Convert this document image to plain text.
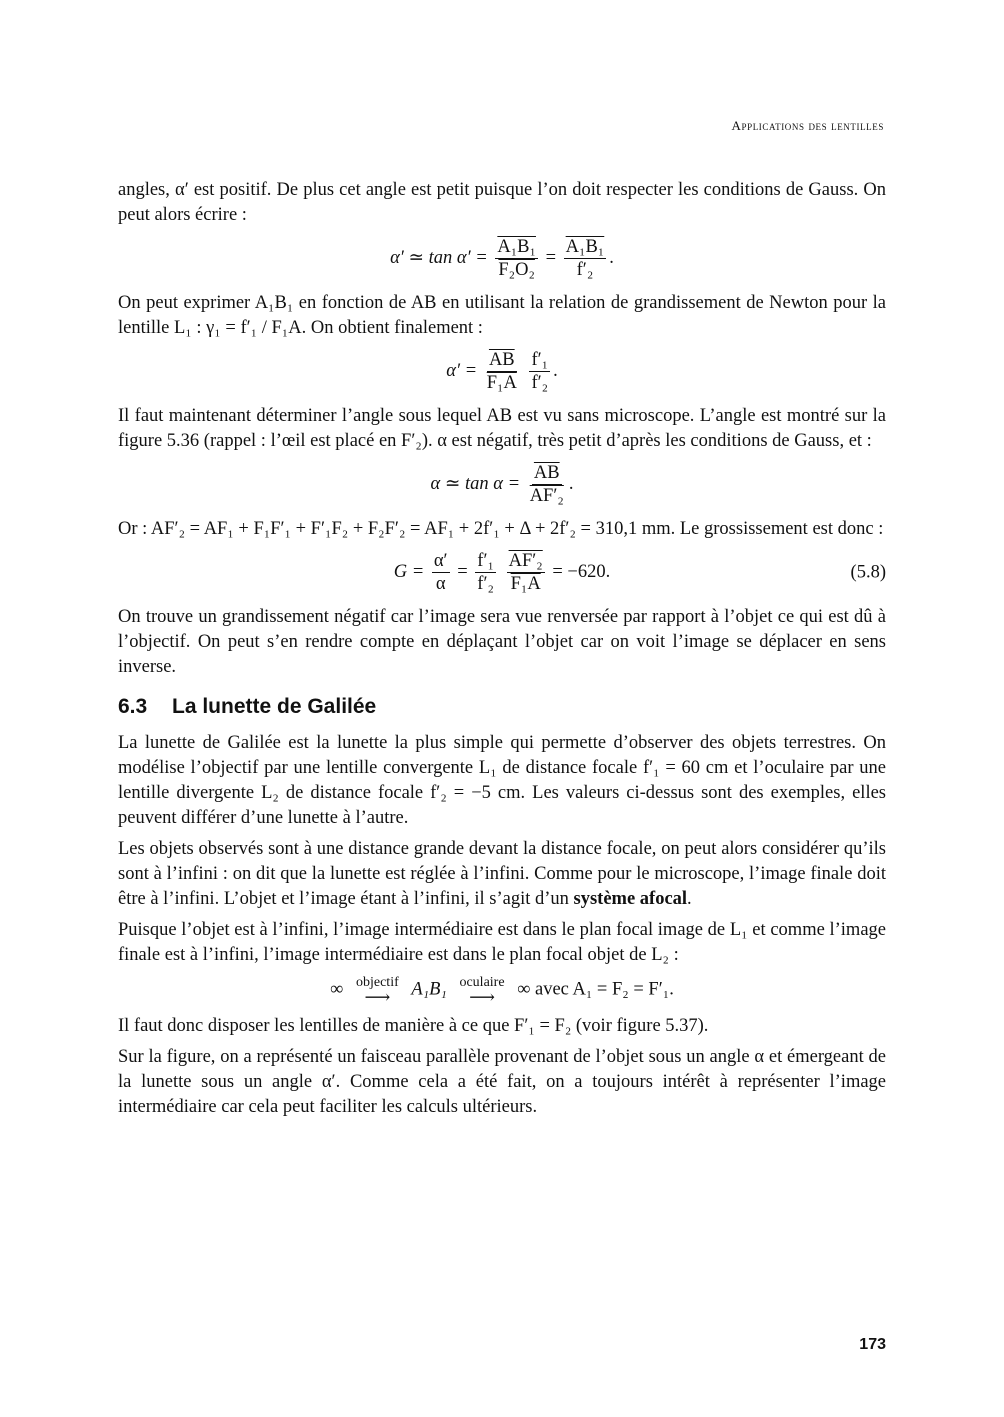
Applications des lentilles

angles, α′ est positif. De plus cet angle est petit puisque l’on doit respecter les conditions de Gauss. On peut alors écrire :

α′ ≃ $\tan \alpha' = \frac{\text{A₁B₁}}{\text{F₂O₂}} = \frac{\text{A₁B₁}}{\text{f′₂}}$ .

On peut exprimer A₁B₁ en fonction de AB en utilisant la relation de grandissement de Newton pour la lentille L₁ : γ₁ = f′₁ / F₁A. On obtient finalement :

$\alpha' = \frac{\overline{AB}}{\text{F₁A}}$
$\frac{\text{f′₁}}{\text{f′₂}}$ .

Il faut maintenant déterminer l’angle sous lequel AB est vu sans microscope. L’angle est montré sur la figure 5.36 (rappel : l’œil est placé en F′₂). α est négatif, très petit d’après les conditions de Gauss, et :

α ≃ $\tan \alpha = \frac{\overline{AB}}{\text{AF′₂}}$ .

Or : AF′₂ = AF₁ + F₁F′₁ + F′₁F₂ + F₂F′₂ = AF₁ + 2f′₁ + Δ + 2f′₂ = 310,1 mm. Le grossissement est donc :

$G = \frac{\alpha'}{\alpha} = \frac{\text{f′₁}}{\text{f′₂}}$
$\frac{\text{AF′₂}}{\text{F₁A}} = -620$.	(5.8)

On trouve un grandissement négatif car l’image sera vue renversée par rapport à l’objet ce qui est dû à l’objectif. On peut s’en rendre compte en déplaçant l’objet car on voit l’image se déplacer en sens inverse.

6.3 La lunette de Galilée

La lunette de Galilée est la lunette la plus simple qui permette d’observer des objets terrestres. On modélise l’objectif par une lentille convergente L₁ de distance focale f′₁ = 60 cm et l’oculaire par une lentille divergente L₂ de distance focale f′₂ = −5 cm. Les valeurs ci-dessus sont des exemples, elles peuvent différer d’une lunette à l’autre.

Les objets observés sont à une distance grande devant la distance focale, on peut alors considérer qu’ils sont à l’infini : on dit que la lunette est réglée à l’infini. Comme pour le microscope, l’image finale doit être à l’infini. L’objet et l’image étant à l’infini, il s’agit d’un système afocal.

Puisque l’objet est à l’infini, l’image intermédiaire est dans le plan focal image de L₁ et comme l’image finale est à l’infini, l’image intermédiaire est dans le plan focal objet de L₂ :

∞ objectif
⟶ A₁B₁ oculaire
⟶ ∞ avec A₁ = F₂ = F′₁.

Il faut donc disposer les lentilles de manière à ce que F′₁ = F₂ (voir figure 5.37).

Sur la figure, on a représenté un faisceau parallèle provenant de l’objet sous un angle α et émergeant de la lunette sous un angle α′. Comme cela a été fait, on a toujours intérêt à représenter l’image intermédiaire car cela peut faciliter les calculs ultérieurs.

173
